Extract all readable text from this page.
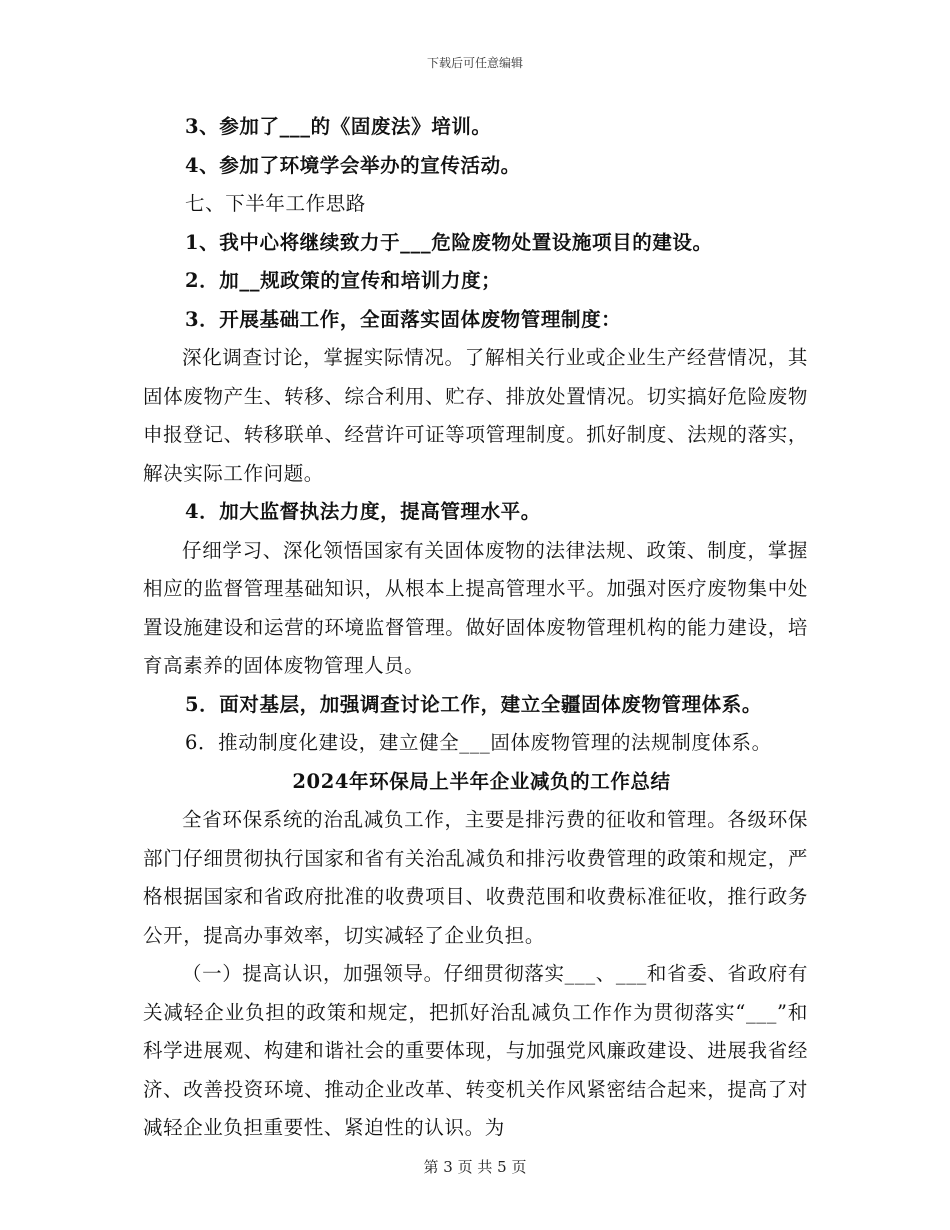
下载后可任意编辑
3、参加了___的《固废法》培训。
4、参加了环境学会举办的宣传活动。
七、下半年工作思路
1、我中心将继续致力于___危险废物处置设施项目的建设。
2．加__规政策的宣传和培训力度；
3．开展基础工作，全面落实固体废物管理制度：

深化调查讨论，掌握实际情况。了解相关行业或企业生产经营情况，其固体废物产生、转移、综合利用、贮存、排放处置情况。切实搞好危险废物申报登记、转移联单、经营许可证等项管理制度。抓好制度、法规的落实，解决实际工作问题。

4．加大监督执法力度，提高管理水平。

仔细学习、深化领悟国家有关固体废物的法律法规、政策、制度，掌握相应的监督管理基础知识，从根本上提高管理水平。加强对医疗废物集中处置设施建设和运营的环境监督管理。做好固体废物管理机构的能力建设，培育高素养的固体废物管理人员。

5．面对基层，加强调查讨论工作，建立全疆固体废物管理体系。
6．推动制度化建设，建立健全___固体废物管理的法规制度体系。
2024年环保局上半年企业减负的工作总结

全省环保系统的治乱减负工作，主要是排污费的征收和管理。各级环保部门仔细贯彻执行国家和省有关治乱减负和排污收费管理的政策和规定，严格根据国家和省政府批准的收费项目、收费范围和收费标准征收，推行政务公开，提高办事效率，切实减轻了企业负担。

（一）提高认识，加强领导。仔细贯彻落实___、___和省委、省政府有关减轻企业负担的政策和规定，把抓好治乱减负工作作为贯彻落实“___”和科学进展观、构建和谐社会的重要体现，与加强党风廉政建设、进展我省经济、改善投资环境、推动企业改革、转变机关作风紧密结合起来，提高了对减轻企业负担重要性、紧迫性的认识。为

第 3 页 共 5 页
